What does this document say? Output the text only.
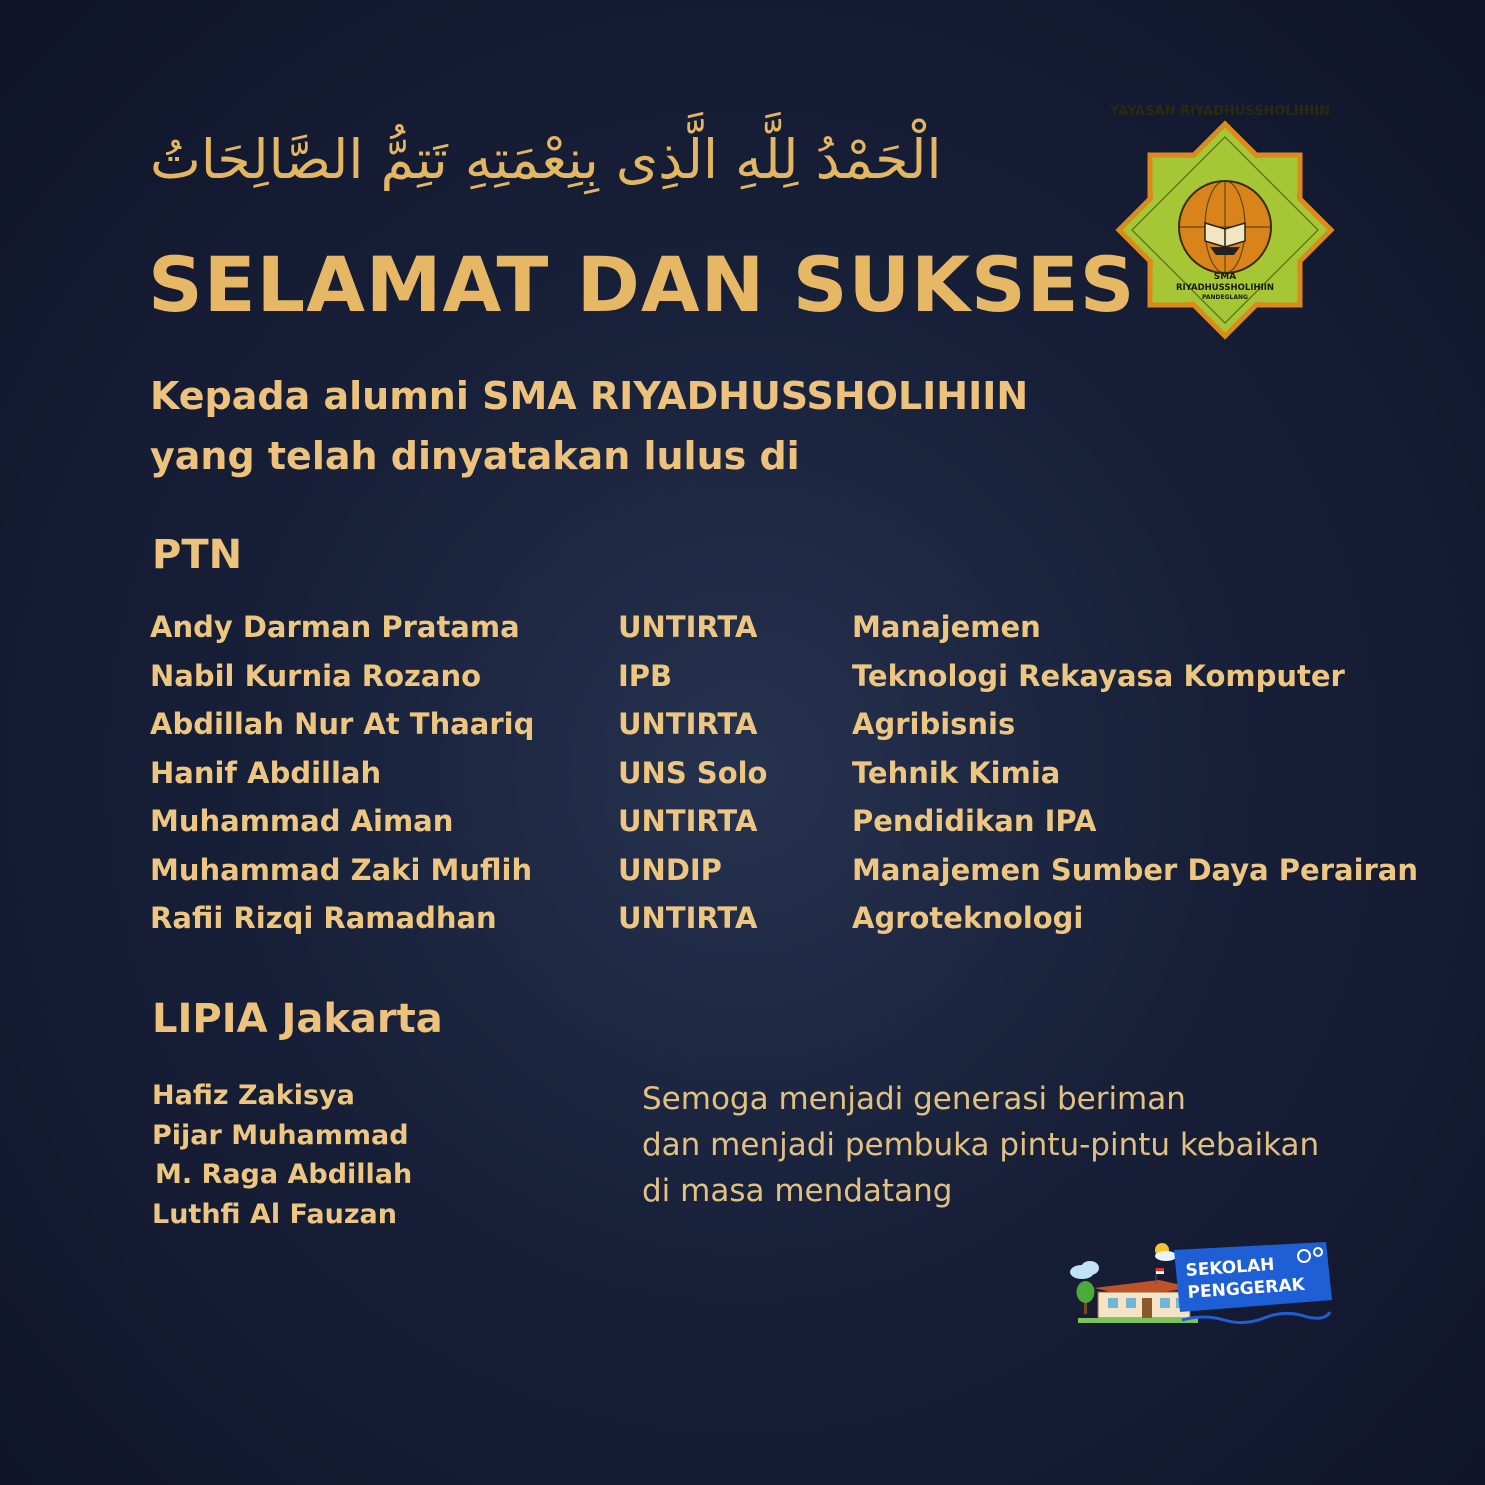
الْحَمْدُ لِلَّهِ الَّذِى بِنِعْمَتِهِ تَتِمُّ الصَّالِحَاتُ
SELAMAT DAN SUKSES
Kepada alumni SMA RIYADHUSSHOLIHIIN
yang telah dinyatakan lulus di
PTN
Andy Darman Pratama	UNTIRTA	Manajemen
Nabil Kurnia Rozano	IPB	Teknologi Rekayasa Komputer
Abdillah Nur At Thaariq	UNTIRTA	Agribisnis
Hanif Abdillah	UNS Solo	Tehnik Kimia
Muhammad Aiman	UNTIRTA	Pendidikan IPA
Muhammad Zaki Muflih	UNDIP	Manajemen Sumber Daya Perairan
Rafii Rizqi Ramadhan	UNTIRTA	Agroteknologi
LIPIA Jakarta
Hafiz Zakisya
Pijar Muhammad
M. Raga Abdillah
Luthfi Al Fauzan
Semoga menjadi generasi beriman
dan menjadi pembuka pintu-pintu kebaikan
di masa mendatang
YAYASAN RIYADHUSSHOLIHIIN
SMA
RIYADHUSSHOLIHIIN
PANDEGLANG
SEKOLAH
PENGGERAK
